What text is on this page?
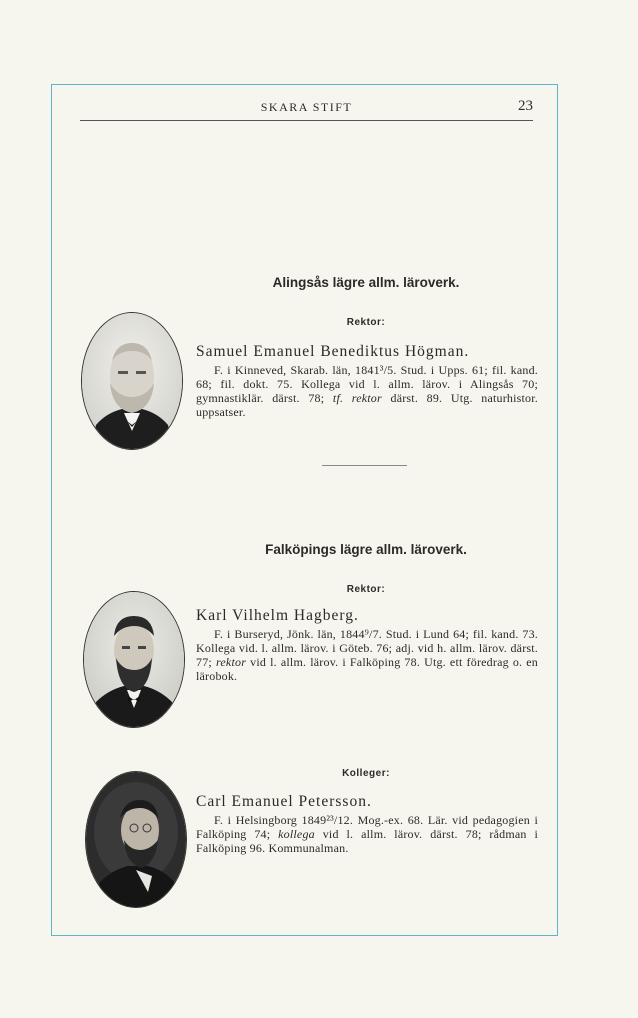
SKARA STIFT	23
Alingsås lägre allm. läroverk.
Rektor:
Samuel Emanuel Benediktus Högman.
F. i Kinneved, Skarab. län, 1841³/5. Stud. i Upps. 61; fil. kand. 68; fil. dokt. 75. Kollega vid l. allm. lärov. i Alingsås 70; gymnastiklär. därst. 78; tf. rektor därst. 89. Utg. naturhistor. uppsatser.
Falköpings lägre allm. läroverk.
Rektor:
Karl Vilhelm Hagberg.
F. i Burseryd, Jönk. län, 1844⁹/7. Stud. i Lund 64; fil. kand. 73. Kollega vid. l. allm. lärov. i Göteb. 76; adj. vid h. allm. lärov. därst. 77; rektor vid l. allm. lärov. i Falköping 78. Utg. ett föredrag o. en lärobok.
Kolleger:
Carl Emanuel Petersson.
F. i Helsingborg 1849²³/12. Mog.-ex. 68. Lär. vid pedagogien i Falköping 74; kollega vid l. allm. lärov. därst. 78; rådman i Falköping 96. Kommunalman.
